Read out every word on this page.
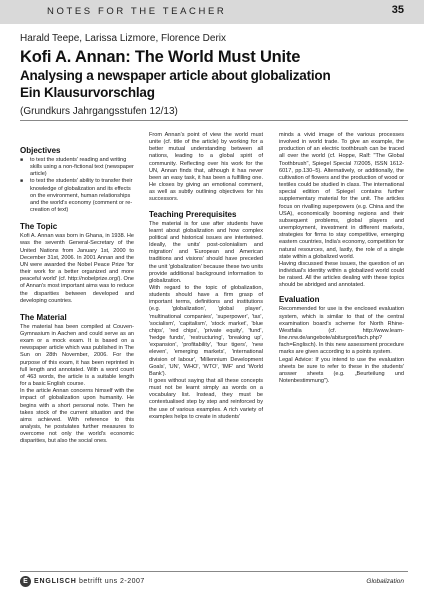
NOTES FOR THE TEACHER	35
Harald Teepe, Larissa Lizmore, Florence Derix
Kofi A. Annan: The World Must Unite
Analysing a newspaper article about globalization
Ein Klausurvorschlag
(Grundkurs Jahrgangsstufen 12/13)
Objectives
■ to test the students' reading and writing skills using a non-fictional text (newspaper article)
■ to test the students' ability to transfer their knowledge of globalization and its effects on the environment, human relationships and the world's economy (comment or re-creation of text)
The Topic

Kofi A. Annan was born in Ghana, in 1938. He was the seventh General-Secretary of the United Nations from January 1st, 2000 to December 31st, 2006. In 2001 Annan and the UN were awarded the Nobel Peace Prize 'for their work for a better organized and more peaceful world' (cf. http://nobelprize.org/). One of Annan's most important aims was to reduce the disparities between developed and developing countries.

The Material

The material has been compiled at Couven-Gymnasium in Aachen and could serve as an exam or a mock exam. It is based on a newspaper article which was published in The Sun on 28th November, 2006. For the purpose of this exam, it has been reprinted in full length and annotated. With a word count of 463 words, the article is a suitable length for a basic English course.

In the article Annan concerns himself with the impact of globalization upon humanity. He begins with a short personal note. Then he takes stock of the current situation and the aims achieved. With reference to this analysis, he postulates further measures to overcome not only the world's economic disparities, but also the social ones.

From Annan's point of view the world must unite (cf. title of the article) by working for a better mutual understanding between all nations, leading to a global spirit of community. Reflecting over his work for the UN, Annan finds that, although it has never been an easy task, it has been a fulfilling one. He closes by giving an emotional comment, as well as subtly outlining objectives for his successors.

Teaching Prerequisites

The material is for use after students have learnt about globalization and how complex political and historical issues are intertwined. Ideally, the units' post-colonialism and migration' and 'European and American traditions and visions' should have preceded the unit 'globalization' because these two units provide additional background information to globalization.

With regard to the topic of globalization, students should have a firm grasp of important terms, definitions and institutions (e.g. 'globalization', 'global player', 'multinational companies', 'superpower', 'tax', 'socialism', 'capitalism', 'stock market', 'blue chips', 'red chips', 'private equity', 'fund', 'hedge funds', 'restructuring', 'breaking up', 'expansion', 'profitability', 'four tigers', 'new eleven', 'emerging markets', 'international division of labour', 'Millennium Development Goals', 'UN', 'WHO', 'WTO', 'IMF' and 'World Bank').

It goes without saying that all these concepts must not be learnt simply as words on a vocabulary list. Instead, they must be contextualised step by step and reinforced by the use of various examples. A rich variety of examples helps to create in students'

minds a vivid image of the various processes involved in world trade. To give an example, the production of an electric toothbrush can be traced all over the world (cf. Hoppe, Ralf: "The Global Toothbrush", Spiegel Special 7/2005, ISSN 1612-6017, pp.130–5). Alternatively, or additionally, the cultivation of flowers and the production of wood or textiles could be studied in class. The international special edition of Spiegel contains further supplementary material for the unit. The articles focus on rivalling superpowers (e.g. China and the USA), economically booming regions and their subsequent problems, global players and unemployment, investment in different markets, strategies for firms to stay competitive, emerging eastern countries, India's economy, competition for natural resources, and, lastly, the role of a single state within a globalized world.

Having discussed these issues, the question of an individual's identity within a globalized world could be raised. All the articles dealing with these topics should be abridged and annotated.

Evaluation

Recommended for use is the enclosed evaluation system, which is similar to that of the central examination board's scheme for North Rhine-Westfalia (cf. http://www.learn-line.nrw.de/angebote/abiturgost/fach.php?fach=Englisch). In this new assessment procedure marks are given according to a points system.

Legal Advice: If you intend to use the evaluation sheets be sure to refer to these in the students' answer sheets (e.g. „Beurteilung und Notenbestimmung").

E ENGLISCH betrifft uns 2-2007	Globalization
